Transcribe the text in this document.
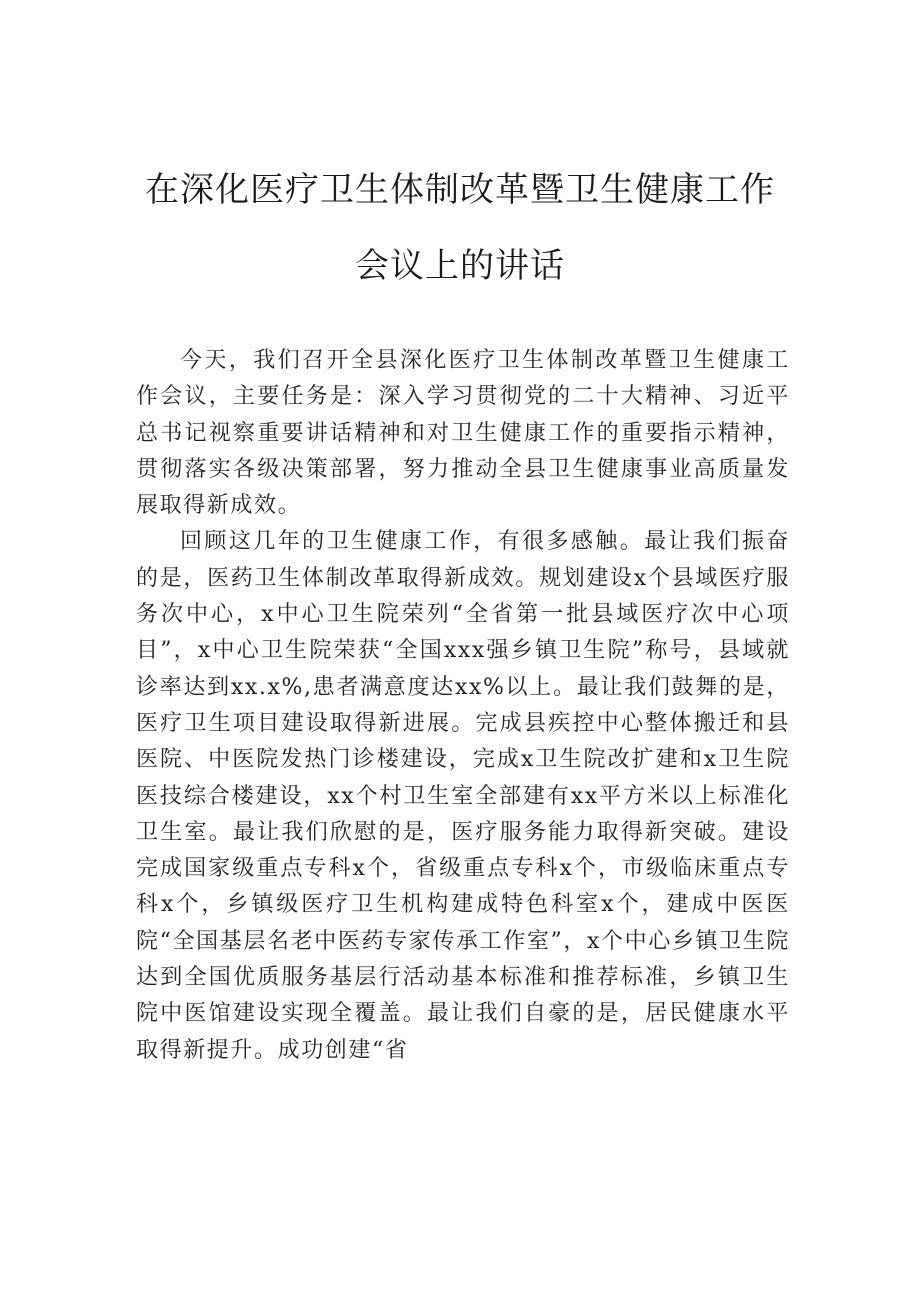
在深化医疗卫生体制改革暨卫生健康工作
会议上的讲话

今天，我们召开全县深化医疗卫生体制改革暨卫生健康工作会议，主要任务是：深入学习贯彻党的二十大精神、习近平总书记视察重要讲话精神和对卫生健康工作的重要指示精神，贯彻落实各级决策部署，努力推动全县卫生健康事业高质量发展取得新成效。

回顾这几年的卫生健康工作，有很多感触。最让我们振奋的是，医药卫生体制改革取得新成效。规划建设x个县域医疗服务次中心，x中心卫生院荣列“全省第一批县域医疗次中心项目”，x中心卫生院荣获“全国xxx强乡镇卫生院”称号，县域就诊率达到xx.x%,患者满意度达xx%以上。最让我们鼓舞的是，医疗卫生项目建设取得新进展。完成县疾控中心整体搬迁和县医院、中医院发热门诊楼建设，完成x卫生院改扩建和x卫生院医技综合楼建设，xx个村卫生室全部建有xx平方米以上标准化卫生室。最让我们欣慰的是，医疗服务能力取得新突破。建设完成国家级重点专科x个，省级重点专科x个，市级临床重点专科x个，乡镇级医疗卫生机构建成特色科室x个，建成中医医院“全国基层名老中医药专家传承工作室”，x个中心乡镇卫生院达到全国优质服务基层行活动基本标准和推荐标准，乡镇卫生院中医馆建设实现全覆盖。最让我们自豪的是，居民健康水平取得新提升。成功创建“省
